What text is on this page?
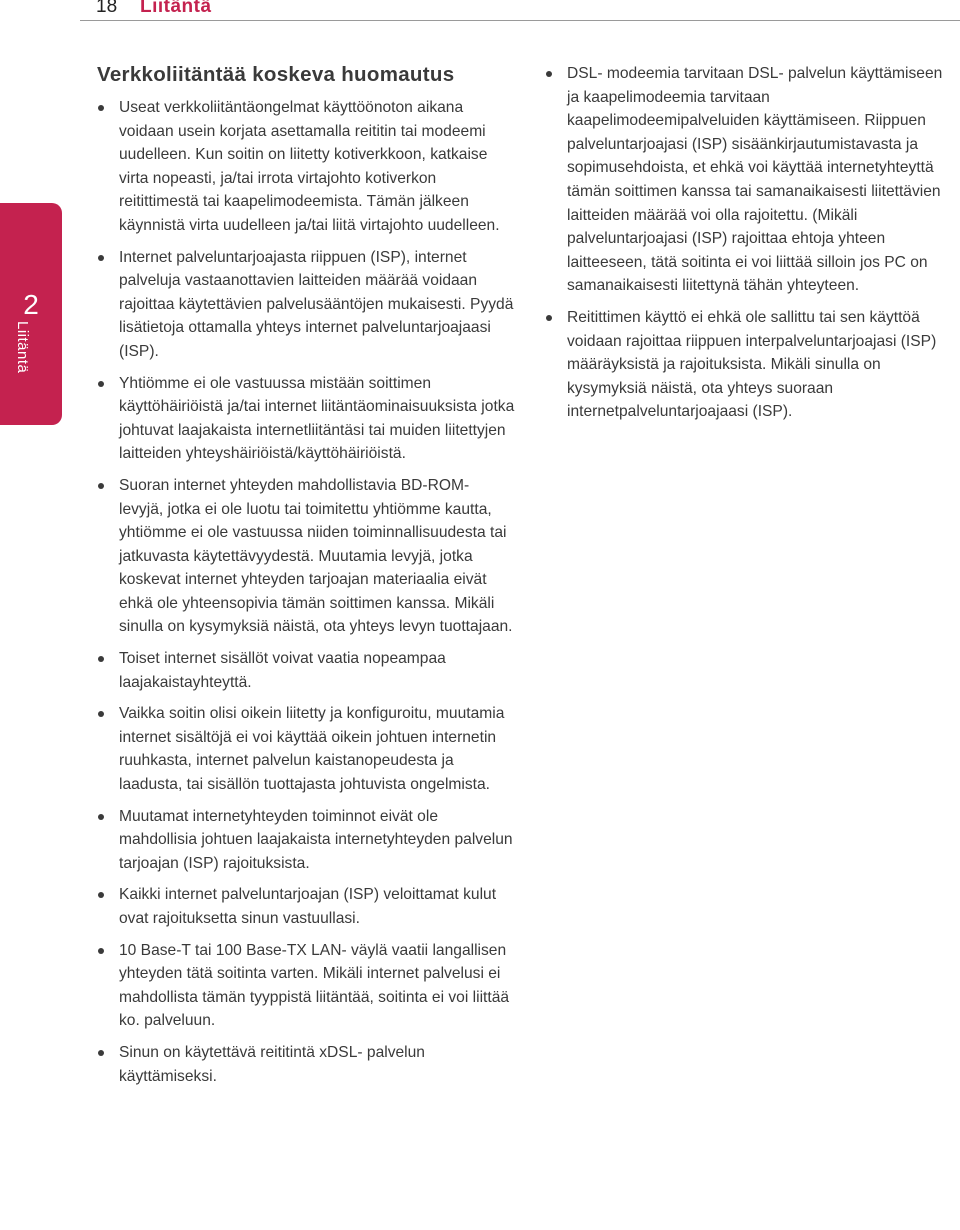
18 Liitäntä
2
Liitäntä
Verkkoliitäntää koskeva huomautus
Useat verkkoliitäntäongelmat käyttöönoton aikana voidaan usein korjata asettamalla reititin tai modeemi uudelleen. Kun soitin on liitetty kotiverkkoon, katkaise virta nopeasti, ja/tai irrota virtajohto kotiverkon reitittimestä tai kaapelimodeemista. Tämän jälkeen käynnistä virta uudelleen ja/tai liitä virtajohto uudelleen.
Internet palveluntarjoajasta riippuen (ISP), internet palveluja vastaanottavien laitteiden määrää voidaan rajoittaa käytettävien palvelusääntöjen mukaisesti. Pyydä lisätietoja ottamalla yhteys internet palveluntarjoajaasi (ISP).
Yhtiömme ei ole vastuussa mistään soittimen käyttöhäiriöistä ja/tai internet liitäntäominaisuuksista jotka johtuvat laajakaista internetliitäntäsi tai muiden liitettyjen laitteiden yhteyshäiriöistä/käyttöhäiriöistä.
Suoran internet yhteyden mahdollistavia BD-ROM- levyjä, jotka ei ole luotu tai toimitettu yhtiömme kautta, yhtiömme ei ole vastuussa niiden toiminnallisuudesta tai jatkuvasta käytettävyydestä. Muutamia levyjä, jotka koskevat internet yhteyden tarjoajan materiaalia eivät ehkä ole yhteensopivia tämän soittimen kanssa. Mikäli sinulla on kysymyksiä näistä, ota yhteys levyn tuottajaan.
Toiset internet sisällöt voivat vaatia nopeampaa laajakaistayhteyttä.
Vaikka soitin olisi oikein liitetty ja konfiguroitu, muutamia internet sisältöjä ei voi käyttää oikein johtuen internetin ruuhkasta, internet palvelun kaistanopeudesta ja laadusta, tai sisällön tuottajasta johtuvista ongelmista.
Muutamat internetyhteyden toiminnot eivät ole mahdollisia johtuen laajakaista internetyhteyden palvelun tarjoajan (ISP) rajoituksista.
Kaikki internet palveluntarjoajan (ISP) veloittamat kulut ovat rajoituksetta sinun vastuullasi.
10 Base-T tai 100 Base-TX LAN- väylä vaatii langallisen yhteyden tätä soitinta varten. Mikäli internet palvelusi ei mahdollista tämän tyyppistä liitäntää, soitinta ei voi liittää ko. palveluun.
Sinun on käytettävä reititintä xDSL- palvelun käyttämiseksi.
DSL- modeemia tarvitaan DSL- palvelun käyttämiseen ja kaapelimodeemia tarvitaan kaapelimodeemipalveluiden käyttämiseen. Riippuen palveluntarjoajasi (ISP) sisäänkirjautumistavasta ja sopimusehdoista, et ehkä voi käyttää internetyhteyttä tämän soittimen kanssa tai samanaikaisesti liitettävien laitteiden määrää voi olla rajoitettu. (Mikäli palveluntarjoajasi (ISP) rajoittaa ehtoja yhteen laitteeseen, tätä soitinta ei voi liittää silloin jos PC on samanaikaisesti liitettynä tähän yhteyteen.
Reitittimen käyttö ei ehkä ole sallittu tai sen käyttöä voidaan rajoittaa riippuen interpalveluntarjoajasi (ISP) määräyksistä ja rajoituksista. Mikäli sinulla on kysymyksiä näistä, ota yhteys suoraan internetpalveluntarjoajaasi (ISP).
